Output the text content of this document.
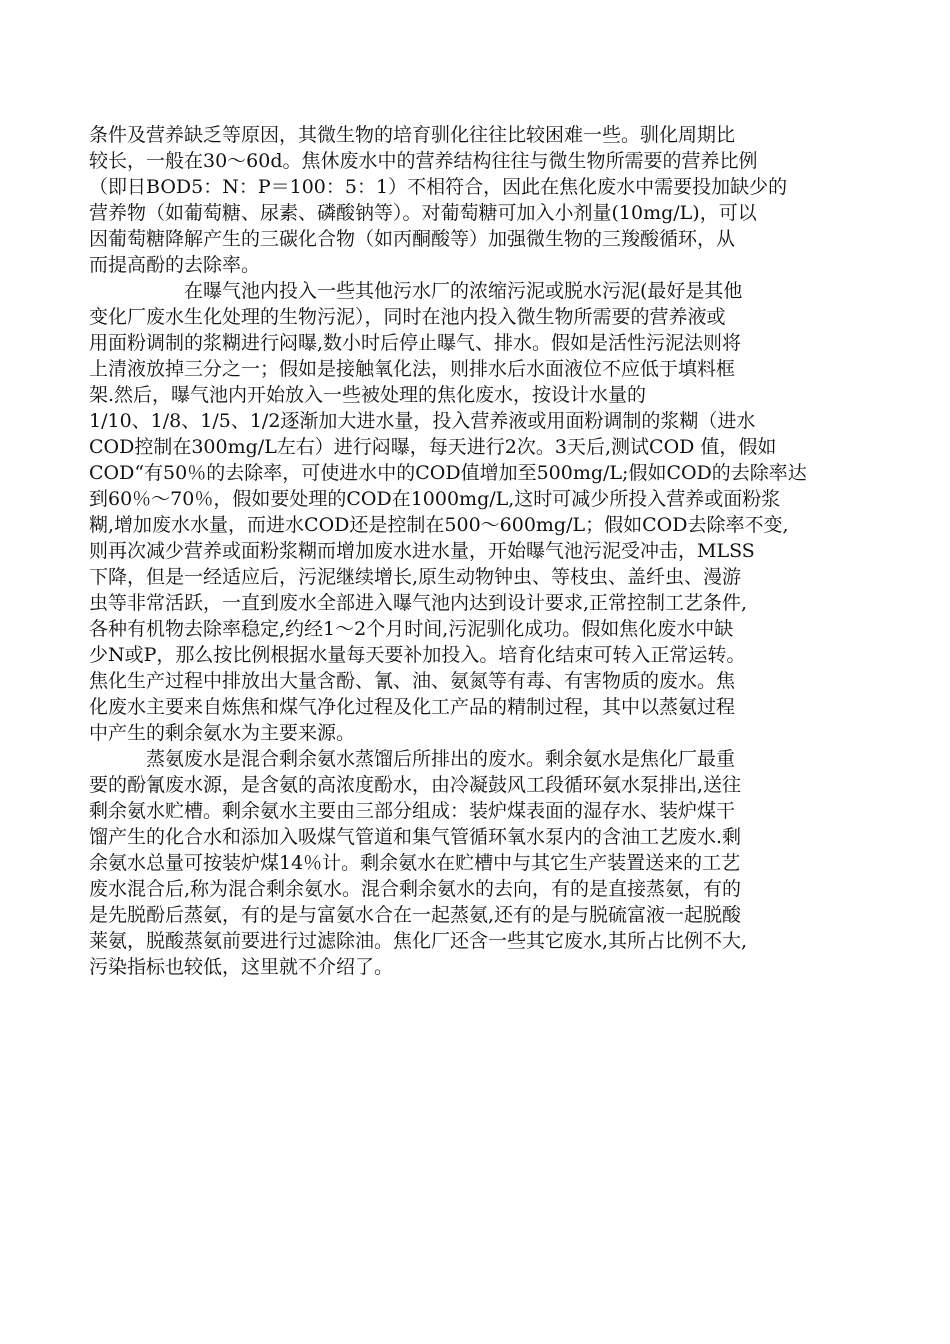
条件及营养缺乏等原因，其微生物的培育驯化往往比较困难一些。驯化周期比
较长，一般在30～60d。焦休废水中的营养结构往往与微生物所需要的营养比例
（即日BOD5：N：P＝100：5：1）不相符合，因此在焦化废水中需要投加缺少的
营养物（如葡萄糖、尿素、磷酸钠等）。对葡萄糖可加入小剂量(10mg/L)，可以
因葡萄糖降解产生的三碳化合物（如丙酮酸等）加强微生物的三羧酸循环，从
而提高酚的去除率。
　　　　　在曝气池内投入一些其他污水厂的浓缩污泥或脱水污泥(最好是其他
变化厂废水生化处理的生物污泥），同时在池内投入微生物所需要的营养液或
用面粉调制的浆糊进行闷曝,数小时后停止曝气、排水。假如是活性污泥法则将
上清液放掉三分之一；假如是接触氧化法，则排水后水面液位不应低于填料框
架.然后，曝气池内开始放入一些被处理的焦化废水，按设计水量的
1/10、1/8、1/5、1/2逐渐加大进水量，投入营养液或用面粉调制的浆糊（进水
COD控制在300mg/L左右）进行闷曝，每天进行2次。3天后,测试COD 值，假如
COD“有50％的去除率，可使进水中的COD值增加至500mg/L;假如COD的去除率达
到60％～70％，假如要处理的COD在1000mg/L,这时可减少所投入营养或面粉浆
糊,增加废水水量，而进水COD还是控制在500～600mg/L；假如COD去除率不变,
则再次减少营养或面粉浆糊而增加废水进水量，开始曝气池污泥受冲击，MLSS
下降，但是一经适应后，污泥继续增长,原生动物钟虫、等枝虫、盖纤虫、漫游
虫等非常活跃，一直到废水全部进入曝气池内达到设计要求,正常控制工艺条件,
各种有机物去除率稳定,约经1～2个月时间,污泥驯化成功。假如焦化废水中缺
少N或P，那么按比例根据水量每天要补加投入。培育化结束可转入正常运转。
焦化生产过程中排放出大量含酚、氰、油、氨氮等有毒、有害物质的废水。焦
化废水主要来自炼焦和煤气净化过程及化工产品的精制过程，其中以蒸氨过程
中产生的剩余氨水为主要来源。
　　　蒸氨废水是混合剩余氨水蒸馏后所排出的废水。剩余氨水是焦化厂最重
要的酚氰废水源，是含氨的高浓度酚水，由冷凝鼓风工段循环氨水泵排出,送往
剩余氨水贮槽。剩余氨水主要由三部分组成：装炉煤表面的湿存水、装炉煤干
馏产生的化合水和添加入吸煤气管道和集气管循环氧水泵内的含油工艺废水.剩
余氨水总量可按装炉煤14％计。剩余氨水在贮槽中与其它生产装置送来的工艺
废水混合后,称为混合剩余氨水。混合剩余氨水的去向，有的是直接蒸氨，有的
是先脱酚后蒸氨，有的是与富氨水合在一起蒸氨,还有的是与脱硫富液一起脱酸
莱氨，脱酸蒸氨前要进行过滤除油。焦化厂还含一些其它废水,其所占比例不大,
污染指标也较低，这里就不介绍了。
